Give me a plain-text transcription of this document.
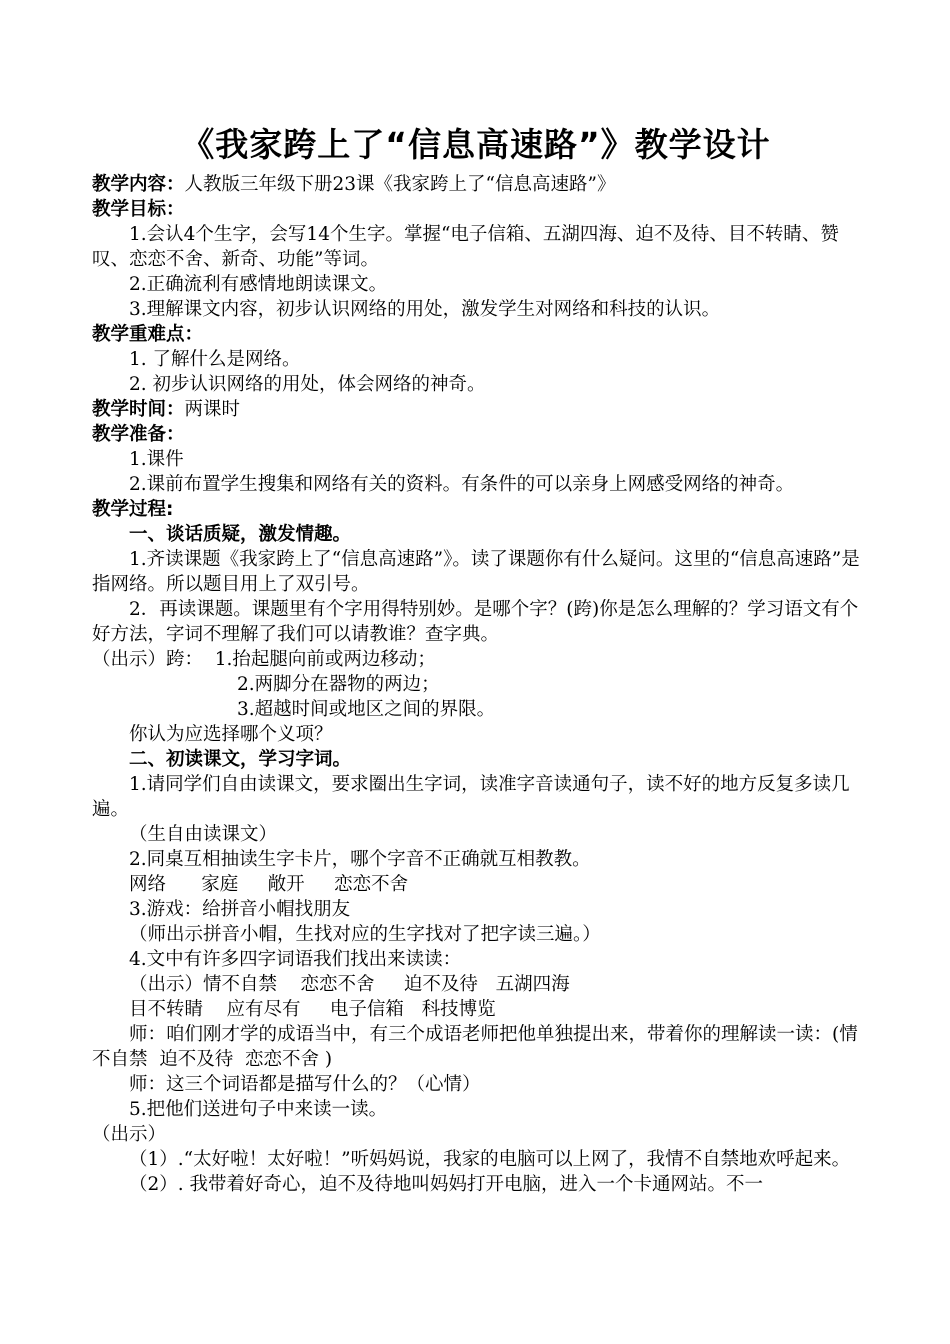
《我家跨上了“信息高速路”》教学设计

教学内容：人教版三年级下册23课《我家跨上了“信息高速路”》

教学目标：

1.会认4个生字，会写14个生字。掌握“电子信箱、五湖四海、迫不及待、目不转睛、赞叹、恋恋不舍、新奇、功能”等词。

2.正确流利有感情地朗读课文。

3.理解课文内容，初步认识网络的用处，激发学生对网络和科技的认识。

教学重难点：

1. 了解什么是网络。

2. 初步认识网络的用处，体会网络的神奇。

教学时间：两课时

教学准备：

1.课件

2.课前布置学生搜集和网络有关的资料。有条件的可以亲身上网感受网络的神奇。

教学过程:

一、谈话质疑，激发情趣。

1.齐读课题《我家跨上了“信息高速路”》。读了课题你有什么疑问。这里的“信息高速路”是指网络。所以题目用上了双引号。

2．再读课题。课题里有个字用得特别妙。是哪个字？(跨)你是怎么理解的？学习语文有个好方法，字词不理解了我们可以请教谁？查字典。

（出示）跨：  1.抬起腿向前或两边移动；

2.两脚分在器物的两边；

3.超越时间或地区之间的界限。

你认为应选择哪个义项？

二、初读课文，学习字词。

1.请同学们自由读课文，要求圈出生字词，读准字音读通句子，读不好的地方反复多读几遍。

（生自由读课文）

2.同桌互相抽读生字卡片，哪个字音不正确就互相教教。

网络      家庭     敞开     恋恋不舍

3.游戏：给拼音小帽找朋友

（师出示拼音小帽，生找对应的生字找对了把字读三遍。）

4.文中有许多四字词语我们找出来读读：

（出示）情不自禁    恋恋不舍     迫不及待   五湖四海

目不转睛    应有尽有     电子信箱   科技博览

师：咱们刚才学的成语当中，有三个成语老师把他单独提出来，带着你的理解读一读：(情不自禁  迫不及待  恋恋不舍 )

师：这三个词语都是描写什么的？（心情）

5.把他们送进句子中来读一读。

（出示）

（1）.“太好啦！太好啦！”听妈妈说，我家的电脑可以上网了，我情不自禁地欢呼起来。

（2）. 我带着好奇心，迫不及待地叫妈妈打开电脑，进入一个卡通网站。不一
